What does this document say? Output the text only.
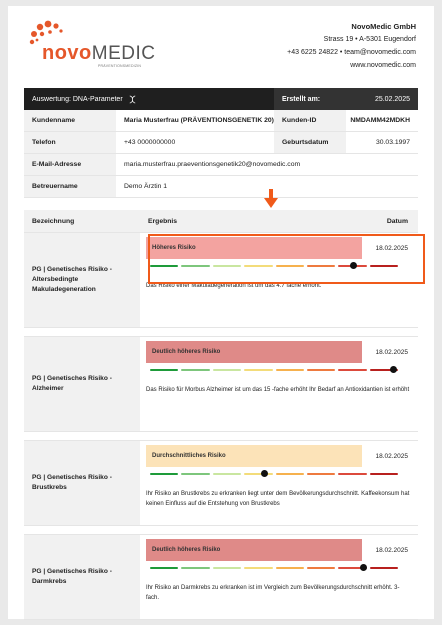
novoMEDIC
PRÄVENTIONSMEDIZIN
NovoMedic GmbH
Strass 19 • A-5301 Eugendorf
+43 6225 24822 • team@novomedic.com
www.novomedic.com
Auswertung: DNA-Parameter	Erstellt am:	25.02.2025
Kundenname	Maria Musterfrau (PRÄVENTIONSGENETIK 20)	Kunden-ID	NMDAMM42MDKH
Telefon	+43 0000000000	Geburtsdatum	30.03.1997
E-Mail-Adresse	maria.musterfrau.praeventionsgenetik20@novomedic.com
Betreuername	Demo Ärztin 1
Bezeichnung	Ergebnis	Datum
PG | Genetisches Risiko - Altersbedingte Makuladegeneration
Höheres Risiko	18.02.2025
Das Risiko einer Makuladegeneration ist um das 4.7 fache erhöht.
PG | Genetisches Risiko - Alzheimer
Deutlich höheres Risiko	18.02.2025
Das Risiko für Morbus Alzheimer ist um das 15 -fache erhöht Ihr Bedarf an Antioxidantien ist erhöht
PG | Genetisches Risiko - Brustkrebs
Durchschnittliches Risiko	18.02.2025
Ihr Risiko an Brustkrebs zu erkranken liegt unter dem Bevölkerungsdurchschnitt. Kaffeekonsum hat keinen Einfluss auf die Entstehung von Brustkrebs
PG | Genetisches Risiko - Darmkrebs
Deutlich höheres Risiko	18.02.2025
Ihr Risiko an Darmkrebs zu erkranken ist im Vergleich zum Bevölkerungsdurchschnitt erhöht. 3-fach.
